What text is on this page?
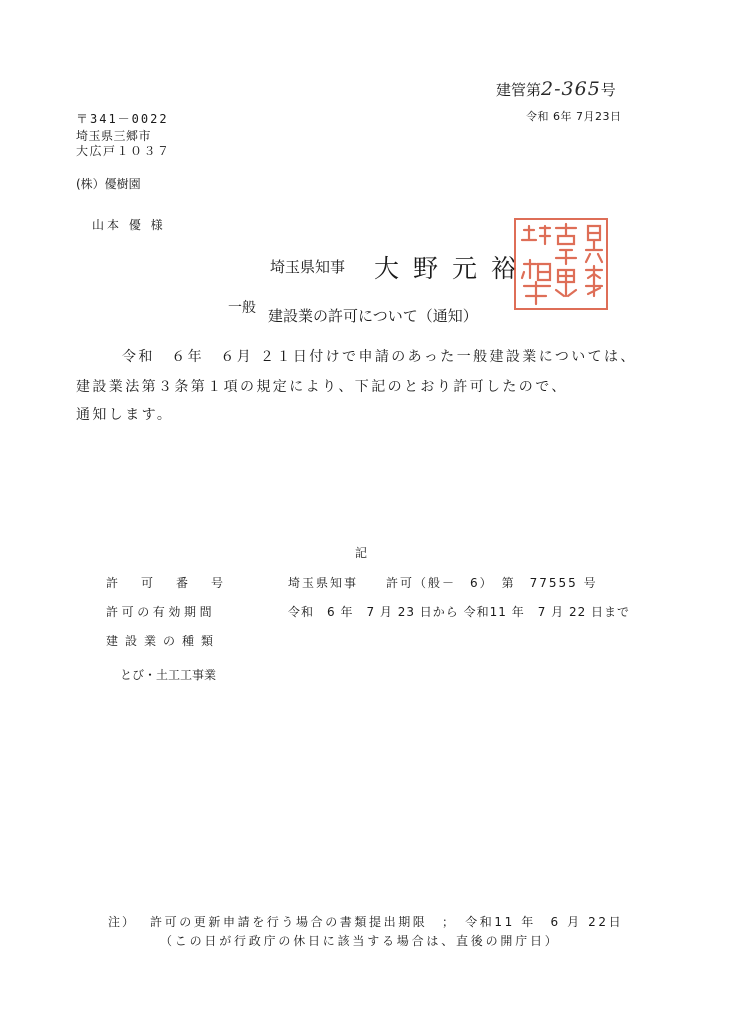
建管第2-365号
令和 6年 7月23日
〒341－0022
埼玉県三郷市
大広戸１０３７
(株）優樹園
山本 優 様
埼玉県知事 大野元裕
一般 建設業の許可について（通知）
令和　６年　６月 ２１日付けで申請のあった一般建設業については、
建設業法第３条第１項の規定により、下記のとおり許可したので、
通知します。
記
許可番号	埼玉県知事　　許可（般－　6）　第　77555 号
許可の有効期間	令和　6 年　7 月 23 日から 令和11 年　7 月 22 日まで
建設業の種類
とび・土工工事業
注） 許可の更新申請を行う場合の書類提出期限　；　令和11 年　6 月 22日
（この日が行政庁の休日に該当する場合は、直後の開庁日）
